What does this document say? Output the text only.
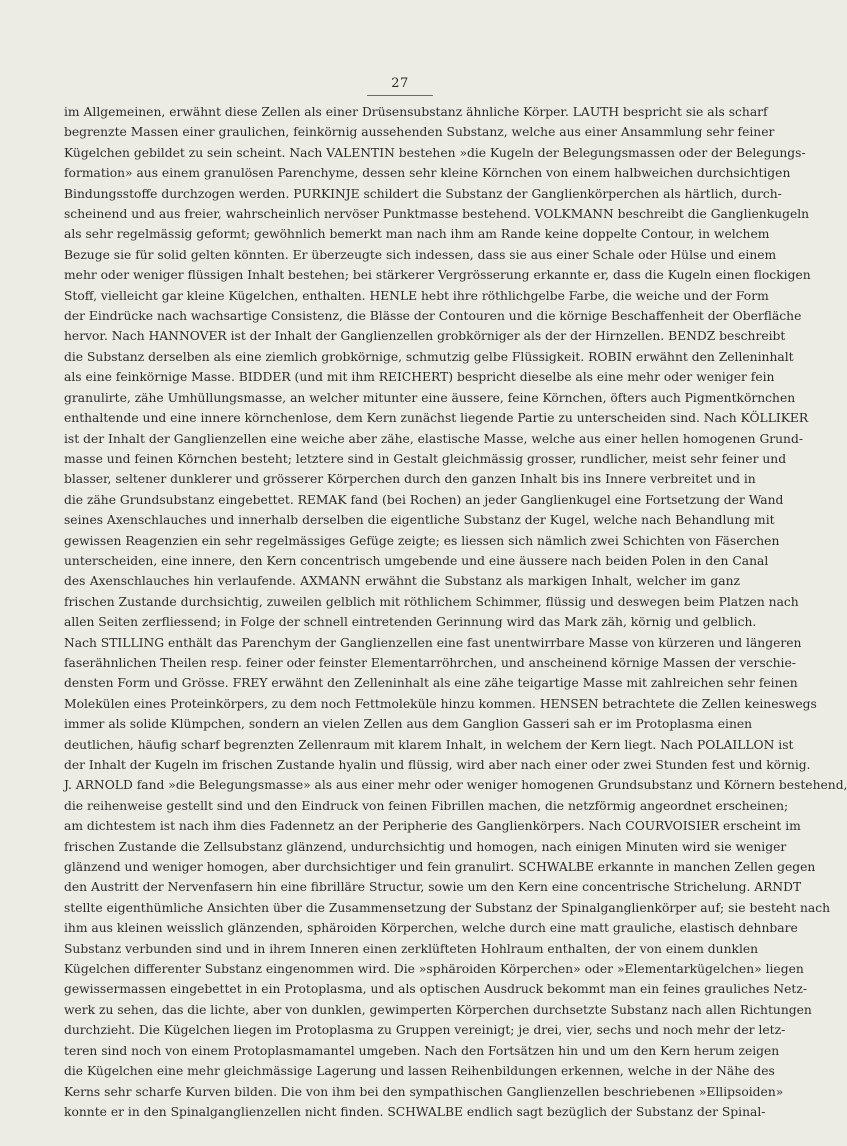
27
im Allgemeinen, erwähnt diese Zellen als einer Drüsensubstanz ähnliche Körper. LAUTH bespricht sie als scharf
begrenzte Massen einer graulichen, feinkörnig aussehenden Substanz, welche aus einer Ansammlung sehr feiner
Kügelchen gebildet zu sein scheint. Nach VALENTIN bestehen »die Kugeln der Belegungsmassen oder der Belegungs-
formation» aus einem granulösen Parenchyme, dessen sehr kleine Körnchen von einem halbweichen durchsichtigen
Bindungsstoffe durchzogen werden. PURKINJE schildert die Substanz der Ganglienkörperchen als härtlich, durch-
scheinend und aus freier, wahrscheinlich nervöser Punktmasse bestehend. VOLKMANN beschreibt die Ganglienkugeln
als sehr regelmässig geformt; gewöhnlich bemerkt man nach ihm am Rande keine doppelte Contour, in welchem
Bezuge sie für solid gelten könnten. Er überzeugte sich indessen, dass sie aus einer Schale oder Hülse und einem
mehr oder weniger flüssigen Inhalt bestehen; bei stärkerer Vergrösserung erkannte er, dass die Kugeln einen flockigen
Stoff, vielleicht gar kleine Kügelchen, enthalten. HENLE hebt ihre röthlichgelbe Farbe, die weiche und der Form
der Eindrücke nach wachsartige Consistenz, die Blässe der Contouren und die körnige Beschaffenheit der Oberfläche
hervor. Nach HANNOVER ist der Inhalt der Ganglienzellen grobkörniger als der der Hirnzellen. BENDZ beschreibt
die Substanz derselben als eine ziemlich grobkörnige, schmutzig gelbe Flüssigkeit. ROBIN erwähnt den Zelleninhalt
als eine feinkörnige Masse. BIDDER (und mit ihm REICHERT) bespricht dieselbe als eine mehr oder weniger fein
granulirte, zähe Umhüllungsmasse, an welcher mitunter eine äussere, feine Körnchen, öfters auch Pigmentkörnchen
enthaltende und eine innere körnchenlose, dem Kern zunächst liegende Partie zu unterscheiden sind. Nach KÖLLIKER
ist der Inhalt der Ganglienzellen eine weiche aber zähe, elastische Masse, welche aus einer hellen homogenen Grund-
masse und feinen Körnchen besteht; letztere sind in Gestalt gleichmässig grosser, rundlicher, meist sehr feiner und
blasser, seltener dunklerer und grösserer Körperchen durch den ganzen Inhalt bis ins Innere verbreitet und in
die zähe Grundsubstanz eingebettet. REMAK fand (bei Rochen) an jeder Ganglienkugel eine Fortsetzung der Wand
seines Axenschlauches und innerhalb derselben die eigentliche Substanz der Kugel, welche nach Behandlung mit
gewissen Reagenzien ein sehr regelmässiges Gefüge zeigte; es liessen sich nämlich zwei Schichten von Fäserchen
unterscheiden, eine innere, den Kern concentrisch umgebende und eine äussere nach beiden Polen in den Canal
des Axenschlauches hin verlaufende. AXMANN erwähnt die Substanz als markigen Inhalt, welcher im ganz
frischen Zustande durchsichtig, zuweilen gelblich mit röthlichem Schimmer, flüssig und deswegen beim Platzen nach
allen Seiten zerfliessend; in Folge der schnell eintretenden Gerinnung wird das Mark zäh, körnig und gelblich.
Nach STILLING enthält das Parenchym der Ganglienzellen eine fast unentwirrbare Masse von kürzeren und längeren
faserähnlichen Theilen resp. feiner oder feinster Elementarröhrchen, und anscheinend körnige Massen der verschie-
densten Form und Grösse. FREY erwähnt den Zelleninhalt als eine zähe teigartige Masse mit zahlreichen sehr feinen
Molekülen eines Proteinkörpers, zu dem noch Fettmoleküle hinzu kommen. HENSEN betrachtete die Zellen keineswegs
immer als solide Klümpchen, sondern an vielen Zellen aus dem Ganglion Gasseri sah er im Protoplasma einen
deutlichen, häufig scharf begrenzten Zellenraum mit klarem Inhalt, in welchem der Kern liegt. Nach POLAILLON ist
der Inhalt der Kugeln im frischen Zustande hyalin und flüssig, wird aber nach einer oder zwei Stunden fest und körnig.
J. ARNOLD fand »die Belegungsmasse» als aus einer mehr oder weniger homogenen Grundsubstanz und Körnern bestehend,
die reihenweise gestellt sind und den Eindruck von feinen Fibrillen machen, die netzförmig angeordnet erscheinen;
am dichtestem ist nach ihm dies Fadennetz an der Peripherie des Ganglienkörpers. Nach COURVOISIER erscheint im
frischen Zustande die Zellsubstanz glänzend, undurchsichtig und homogen, nach einigen Minuten wird sie weniger
glänzend und weniger homogen, aber durchsichtiger und fein granulirt. SCHWALBE erkannte in manchen Zellen gegen
den Austritt der Nervenfasern hin eine fibrilläre Structur, sowie um den Kern eine concentrische Strichelung. ARNDT
stellte eigenthümliche Ansichten über die Zusammensetzung der Substanz der Spinalganglienkörper auf; sie besteht nach
ihm aus kleinen weisslich glänzenden, sphäroiden Körperchen, welche durch eine matt grauliche, elastisch dehnbare
Substanz verbunden sind und in ihrem Inneren einen zerklüfteten Hohlraum enthalten, der von einem dunklen
Kügelchen differenter Substanz eingenommen wird. Die »sphäroiden Körperchen» oder »Elementarkügelchen» liegen
gewissermassen eingebettet in ein Protoplasma, und als optischen Ausdruck bekommt man ein feines grauliches Netz-
werk zu sehen, das die lichte, aber von dunklen, gewimperten Körperchen durchsetzte Substanz nach allen Richtungen
durchzieht. Die Kügelchen liegen im Protoplasma zu Gruppen vereinigt; je drei, vier, sechs und noch mehr der letz-
teren sind noch von einem Protoplasmamantel umgeben. Nach den Fortsätzen hin und um den Kern herum zeigen
die Kügelchen eine mehr gleichmässige Lagerung und lassen Reihenbildungen erkennen, welche in der Nähe des
Kerns sehr scharfe Kurven bilden. Die von ihm bei den sympathischen Ganglienzellen beschriebenen »Ellipsoiden»
konnte er in den Spinalganglienzellen nicht finden. SCHWALBE endlich sagt bezüglich der Substanz der Spinal-
